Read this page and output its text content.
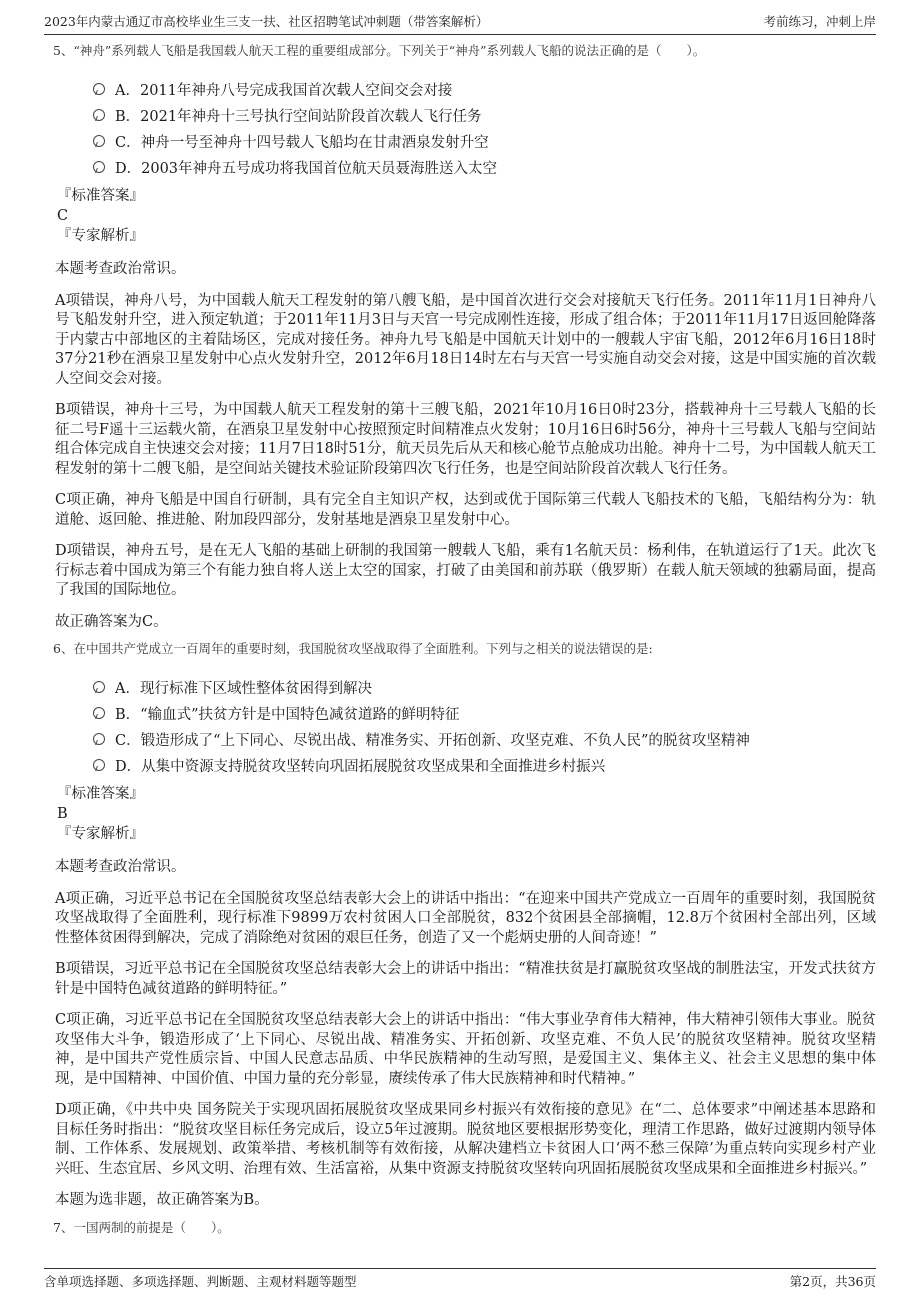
2023年内蒙古通辽市高校毕业生三支一扶、社区招聘笔试冲刺题（带答案解析）	考前练习，冲刺上岸
5、“神舟”系列载人飞船是我国载人航天工程的重要组成部分。下列关于“神舟”系列载人飞船的说法正确的是（　　）。
A．2011年神舟八号完成我国首次载人空间交会对接
B．2021年神舟十三号执行空间站阶段首次载人飞行任务
C．神舟一号至神舟十四号载人飞船均在甘肃酒泉发射升空
D．2003年神舟五号成功将我国首位航天员聂海胜送入太空
『标准答案』
C
『专家解析』
本题考查政治常识。
A项错误，神舟八号，为中国载人航天工程发射的第八艘飞船，是中国首次进行交会对接航天飞行任务。2011年11月1日神舟八号飞船发射升空，进入预定轨道；于2011年11月3日与天宫一号完成刚性连接，形成了组合体；于2011年11月17日返回舱降落于内蒙古中部地区的主着陆场区，完成对接任务。神舟九号飞船是中国航天计划中的一艘载人宇宙飞船，2012年6月16日18时37分21秒在酒泉卫星发射中心点火发射升空，2012年6月18日14时左右与天宫一号实施自动交会对接，这是中国实施的首次载人空间交会对接。
B项错误，神舟十三号，为中国载人航天工程发射的第十三艘飞船，2021年10月16日0时23分，搭载神舟十三号载人飞船的长征二号F遥十三运载火箭，在酒泉卫星发射中心按照预定时间精准点火发射；10月16日6时56分，神舟十三号载人飞船与空间站组合体完成自主快速交会对接；11月7日18时51分，航天员先后从天和核心舱节点舱成功出舱。神舟十二号，为中国载人航天工程发射的第十二艘飞船，是空间站关键技术验证阶段第四次飞行任务，也是空间站阶段首次载人飞行任务。
C项正确，神舟飞船是中国自行研制，具有完全自主知识产权，达到或优于国际第三代载人飞船技术的飞船，飞船结构分为：轨道舱、返回舱、推进舱、附加段四部分，发射基地是酒泉卫星发射中心。
D项错误，神舟五号，是在无人飞船的基础上研制的我国第一艘载人飞船，乘有1名航天员：杨利伟，在轨道运行了1天。此次飞行标志着中国成为第三个有能力独自将人送上太空的国家，打破了由美国和前苏联（俄罗斯）在载人航天领域的独霸局面，提高了我国的国际地位。
故正确答案为C。
6、在中国共产党成立一百周年的重要时刻，我国脱贫攻坚战取得了全面胜利。下列与之相关的说法错误的是:
A．现行标准下区域性整体贫困得到解决
B．“输血式”扶贫方针是中国特色减贫道路的鲜明特征
C．锻造形成了“上下同心、尽锐出战、精准务实、开拓创新、攻坚克难、不负人民”的脱贫攻坚精神
D．从集中资源支持脱贫攻坚转向巩固拓展脱贫攻坚成果和全面推进乡村振兴
『标准答案』
B
『专家解析』
本题考查政治常识。
A项正确，习近平总书记在全国脱贫攻坚总结表彰大会上的讲话中指出：“在迎来中国共产党成立一百周年的重要时刻，我国脱贫攻坚战取得了全面胜利，现行标准下9899万农村贫困人口全部脱贫，832个贫困县全部摘帽，12.8万个贫困村全部出列，区域性整体贫困得到解决，完成了消除绝对贫困的艰巨任务，创造了又一个彪炳史册的人间奇迹！”
B项错误，习近平总书记在全国脱贫攻坚总结表彰大会上的讲话中指出：“精准扶贫是打赢脱贫攻坚战的制胜法宝，开发式扶贫方针是中国特色减贫道路的鲜明特征。”
C项正确，习近平总书记在全国脱贫攻坚总结表彰大会上的讲话中指出：“伟大事业孕育伟大精神，伟大精神引领伟大事业。脱贫攻坚伟大斗争，锻造形成了‘上下同心、尽锐出战、精准务实、开拓创新、攻坚克难、不负人民’的脱贫攻坚精神。脱贫攻坚精神，是中国共产党性质宗旨、中国人民意志品质、中华民族精神的生动写照，是爱国主义、集体主义、社会主义思想的集中体现，是中国精神、中国价值、中国力量的充分彰显，赓续传承了伟大民族精神和时代精神。”
D项正确，《中共中央 国务院关于实现巩固拓展脱贫攻坚成果同乡村振兴有效衔接的意见》在“二、总体要求”中阐述基本思路和目标任务时指出：“脱贫攻坚目标任务完成后，设立5年过渡期。脱贫地区要根据形势变化，理清工作思路，做好过渡期内领导体制、工作体系、发展规划、政策举措、考核机制等有效衔接，从解决建档立卡贫困人口‘两不愁三保障’为重点转向实现乡村产业兴旺、生态宜居、乡风文明、治理有效、生活富裕，从集中资源支持脱贫攻坚转向巩固拓展脱贫攻坚成果和全面推进乡村振兴。”
本题为选非题，故正确答案为B。
7、一国两制的前提是（　　）。
含单项选择题、多项选择题、判断题、主观材料题等题型	第2页，共36页
